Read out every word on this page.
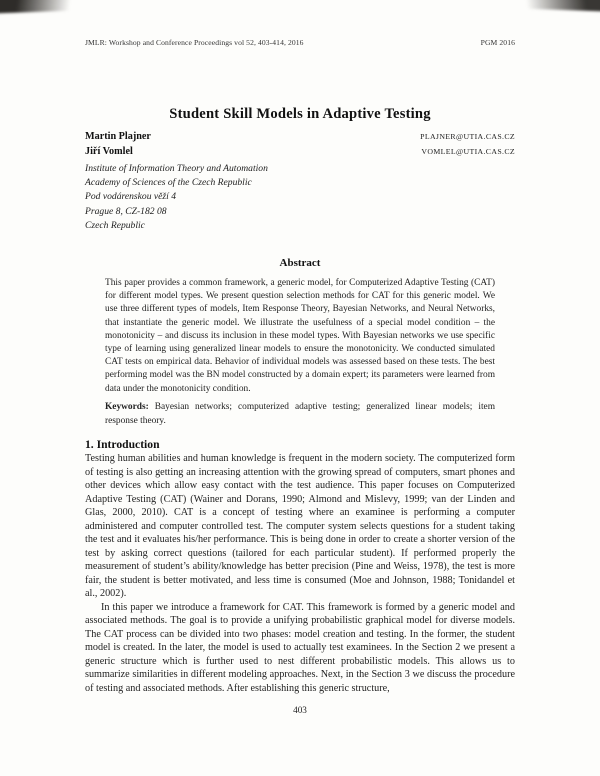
JMLR: Workshop and Conference Proceedings vol 52, 403-414, 2016	PGM 2016
Student Skill Models in Adaptive Testing
Martin Plajner	PLAJNER@UTIA.CAS.CZ
Jiří Vomlel	VOMLEL@UTIA.CAS.CZ
Institute of Information Theory and Automation
Academy of Sciences of the Czech Republic
Pod vodárenskou věží 4
Prague 8, CZ-182 08
Czech Republic
Abstract

This paper provides a common framework, a generic model, for Computerized Adaptive Testing (CAT) for different model types. We present question selection methods for CAT for this generic model. We use three different types of models, Item Response Theory, Bayesian Networks, and Neural Networks, that instantiate the generic model. We illustrate the usefulness of a special model condition – the monotonicity – and discuss its inclusion in these model types. With Bayesian networks we use specific type of learning using generalized linear models to ensure the monotonicity. We conducted simulated CAT tests on empirical data. Behavior of individual models was assessed based on these tests. The best performing model was the BN model constructed by a domain expert; its parameters were learned from data under the monotonicity condition.

Keywords: Bayesian networks; computerized adaptive testing; generalized linear models; item response theory.

1. Introduction

Testing human abilities and human knowledge is frequent in the modern society. The computerized form of testing is also getting an increasing attention with the growing spread of computers, smart phones and other devices which allow easy contact with the test audience. This paper focuses on Computerized Adaptive Testing (CAT) (Wainer and Dorans, 1990; Almond and Mislevy, 1999; van der Linden and Glas, 2000, 2010). CAT is a concept of testing where an examinee is performing a computer administered and computer controlled test. The computer system selects questions for a student taking the test and it evaluates his/her performance. This is being done in order to create a shorter version of the test by asking correct questions (tailored for each particular student). If performed properly the measurement of student’s ability/knowledge has better precision (Pine and Weiss, 1978), the test is more fair, the student is better motivated, and less time is consumed (Moe and Johnson, 1988; Tonidandel et al., 2002).

In this paper we introduce a framework for CAT. This framework is formed by a generic model and associated methods. The goal is to provide a unifying probabilistic graphical model for diverse models. The CAT process can be divided into two phases: model creation and testing. In the former, the student model is created. In the later, the model is used to actually test examinees. In the Section 2 we present a generic structure which is further used to nest different probabilistic models. This allows us to summarize similarities in different modeling approaches. Next, in the Section 3 we discuss the procedure of testing and associated methods. After establishing this generic structure,

403
